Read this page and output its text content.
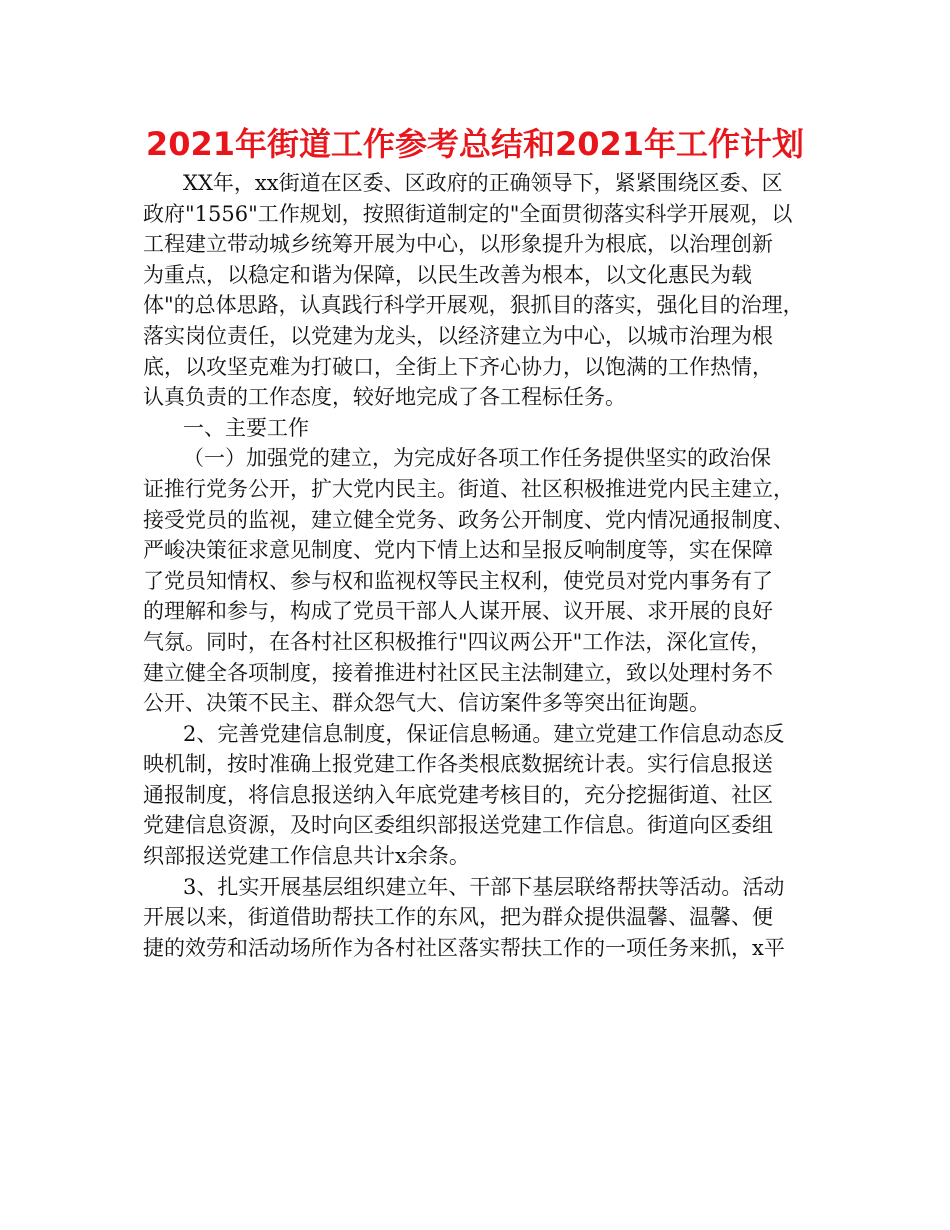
2021年街道工作参考总结和2021年工作计划
XX年，xx街道在区委、区政府的正确领导下，紧紧围绕区委、区
政府"1556"工作规划，按照街道制定的"全面贯彻落实科学开展观，以
工程建立带动城乡统筹开展为中心，以形象提升为根底，以治理创新
为重点，以稳定和谐为保障，以民生改善为根本，以文化惠民为载
体"的总体思路，认真践行科学开展观，狠抓目的落实，强化目的治理，
落实岗位责任，以党建为龙头，以经济建立为中心，以城市治理为根
底，以攻坚克难为打破口，全街上下齐心协力，以饱满的工作热情，
认真负责的工作态度，较好地完成了各工程标任务。
一、主要工作
（一）加强党的建立，为完成好各项工作任务提供坚实的政治保
证推行党务公开，扩大党内民主。街道、社区积极推进党内民主建立，
接受党员的监视，建立健全党务、政务公开制度、党内情况通报制度、
严峻决策征求意见制度、党内下情上达和呈报反响制度等，实在保障
了党员知情权、参与权和监视权等民主权利，使党员对党内事务有了
的理解和参与，构成了党员干部人人谋开展、议开展、求开展的良好
气氛。同时，在各村社区积极推行"四议两公开"工作法，深化宣传，
建立健全各项制度，接着推进村社区民主法制建立，致以处理村务不
公开、决策不民主、群众怨气大、信访案件多等突出征询题。
2、完善党建信息制度，保证信息畅通。建立党建工作信息动态反
映机制，按时准确上报党建工作各类根底数据统计表。实行信息报送
通报制度，将信息报送纳入年底党建考核目的，充分挖掘街道、社区
党建信息资源，及时向区委组织部报送党建工作信息。街道向区委组
织部报送党建工作信息共计x余条。
3、扎实开展基层组织建立年、干部下基层联络帮扶等活动。活动
开展以来，街道借助帮扶工作的东风，把为群众提供温馨、温馨、便
捷的效劳和活动场所作为各村社区落实帮扶工作的一项任务来抓，x平
